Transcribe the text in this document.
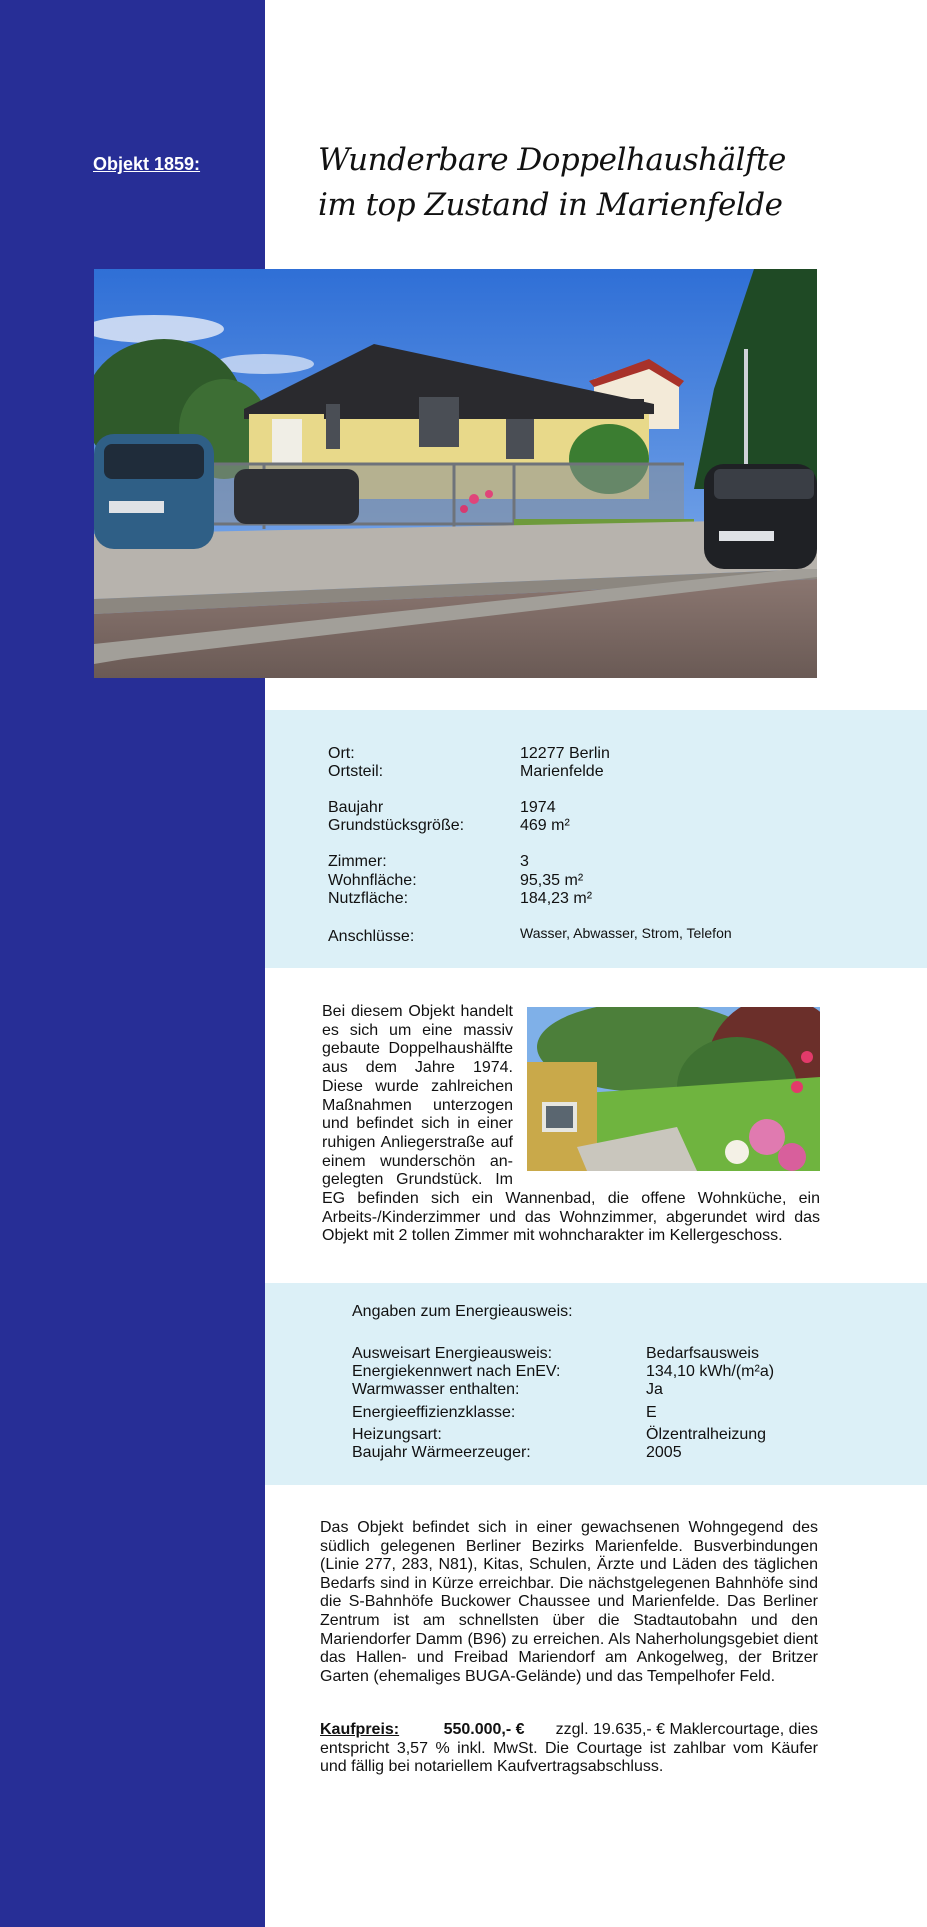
Objekt 1859:	Wunderbare Doppelhaushälfte im top Zustand in Marienfelde
Ort:	12277 Berlin
Ortsteil:	Marienfelde
Baujahr	1974
Grundstücksgröße:	469 m²
Zimmer:	3
Wohnfläche:	95,35 m²
Nutzfläche:	184,23 m²
Anschlüsse:	Wasser, Abwasser, Strom, Telefon
Bei diesem Objekt handelt es sich um eine massiv gebaute Doppelhaushälfte aus dem Jahre 1974. Diese wurde zahlreichen Maßnahmen unterzogen und befindet sich in einer ruhigen Anliegerstraße auf einem wunderschön an-gelegten Grundstück. Im EG befinden sich ein Wannenbad, die offene Wohnküche, ein Arbeits-/Kinderzimmer und das Wohnzimmer, abgerundet wird das Objekt mit 2 tollen Zimmer mit wohncharakter im Kellergeschoss.
Angaben zum Energieausweis:
Ausweisart Energieausweis:	Bedarfsausweis
Energiekennwert nach EnEV:	134,10 kWh/(m²a)
Warmwasser enthalten:	Ja
Energieeffizienzklasse:	E
Heizungsart:	Ölzentralheizung
Baujahr Wärmeerzeuger:	2005
Das Objekt befindet sich in einer gewachsenen Wohngegend des südlich gelegenen Berliner Bezirks Marienfelde. Busverbindungen (Linie 277, 283, N81), Kitas, Schulen, Ärzte und Läden des täglichen Bedarfs sind in Kürze erreichbar. Die nächstgelegenen Bahnhöfe sind die S-Bahnhöfe Buckower Chaussee und Marienfelde. Das Berliner Zentrum ist am schnellsten über die Stadtautobahn und den Mariendorfer Damm (B96) zu erreichen. Als Naherholungsgebiet dient das Hallen- und Freibad Mariendorf am Ankogelweg, der Britzer Garten (ehemaliges BUGA-Gelände) und das Tempelhofer Feld.
Kaufpreis:	550.000,- € zzgl. 19.635,- € Maklercourtage, dies entspricht 3,57 % inkl. MwSt. Die Courtage ist zahlbar vom Käufer und fällig bei notariellem Kaufvertragsabschluss.
